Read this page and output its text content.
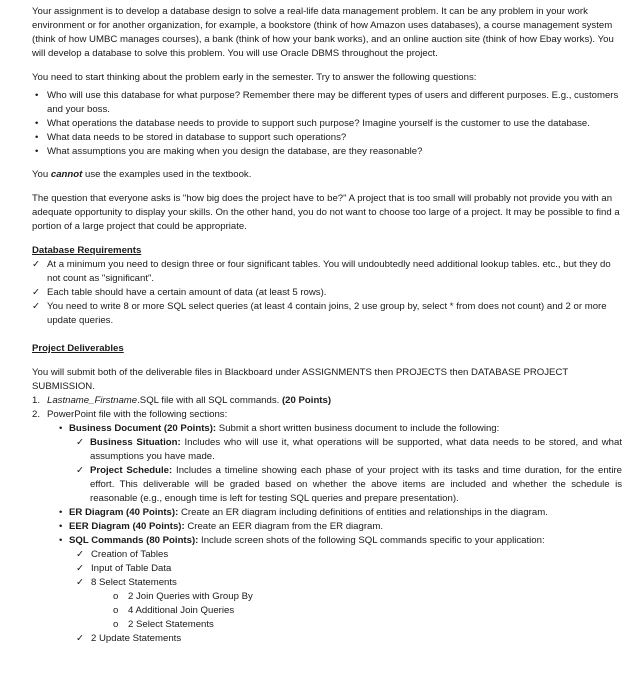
Your assignment is to develop a database design to solve a real-life data management problem. It can be any problem in your work environment or for another organization, for example, a bookstore (think of how Amazon uses databases), a course management system (think of how UMBC manages courses), a bank (think of how your bank works), and an online auction site (think of how Ebay works). You will develop a database to solve this problem. You will use Oracle DBMS throughout the project.

You need to start thinking about the problem early in the semester. Try to answer the following questions:

• Who will use this database for what purpose? Remember there may be different types of users and different purposes. E.g., customers and your boss.
• What operations the database needs to provide to support such purpose? Imagine yourself is the customer to use the database.
• What data needs to be stored in database to support such operations?
• What assumptions you are making when you design the database, are they reasonable?

You cannot use the examples used in the textbook.

The question that everyone asks is "how big does the project have to be?" A project that is too small will probably not provide you with an adequate opportunity to display your skills. On the other hand, you do not want to choose too large of a project. It may be possible to find a portion of a large project that could be appropriate.

Database Requirements

✓ At a minimum you need to design three or four significant tables. You will undoubtedly need additional lookup tables. etc., but they do not count as "significant".
✓ Each table should have a certain amount of data (at least 5 rows).
✓ You need to write 8 or more SQL select queries (at least 4 contain joins, 2 use group by, select * from does not count) and 2 or more update queries.

Project Deliverables

You will submit both of the deliverable files in Blackboard under ASSIGNMENTS then PROJECTS then DATABASE PROJECT SUBMISSION.

1. Lastname_Firstname.SQL file with all SQL commands. (20 Points)
2. PowerPoint file with the following sections:
• Business Document (20 Points): Submit a short written business document to include the following:
✓ Business Situation: Includes who will use it, what operations will be supported, what data needs to be stored, and what assumptions you have made.
✓ Project Schedule: Includes a timeline showing each phase of your project with its tasks and time duration, for the entire effort. This deliverable will be graded based on whether the above items are included and whether the schedule is reasonable (e.g., enough time is left for testing SQL queries and prepare presentation).
• ER Diagram (40 Points): Create an ER diagram including definitions of entities and relationships in the diagram.
• EER Diagram (40 Points): Create an EER diagram from the ER diagram.
• SQL Commands (80 Points): Include screen shots of the following SQL commands specific to your application:
✓ Creation of Tables
✓ Input of Table Data
✓ 8 Select Statements
o 2 Join Queries with Group By
o 4 Additional Join Queries
o 2 Select Statements
✓ 2 Update Statements
